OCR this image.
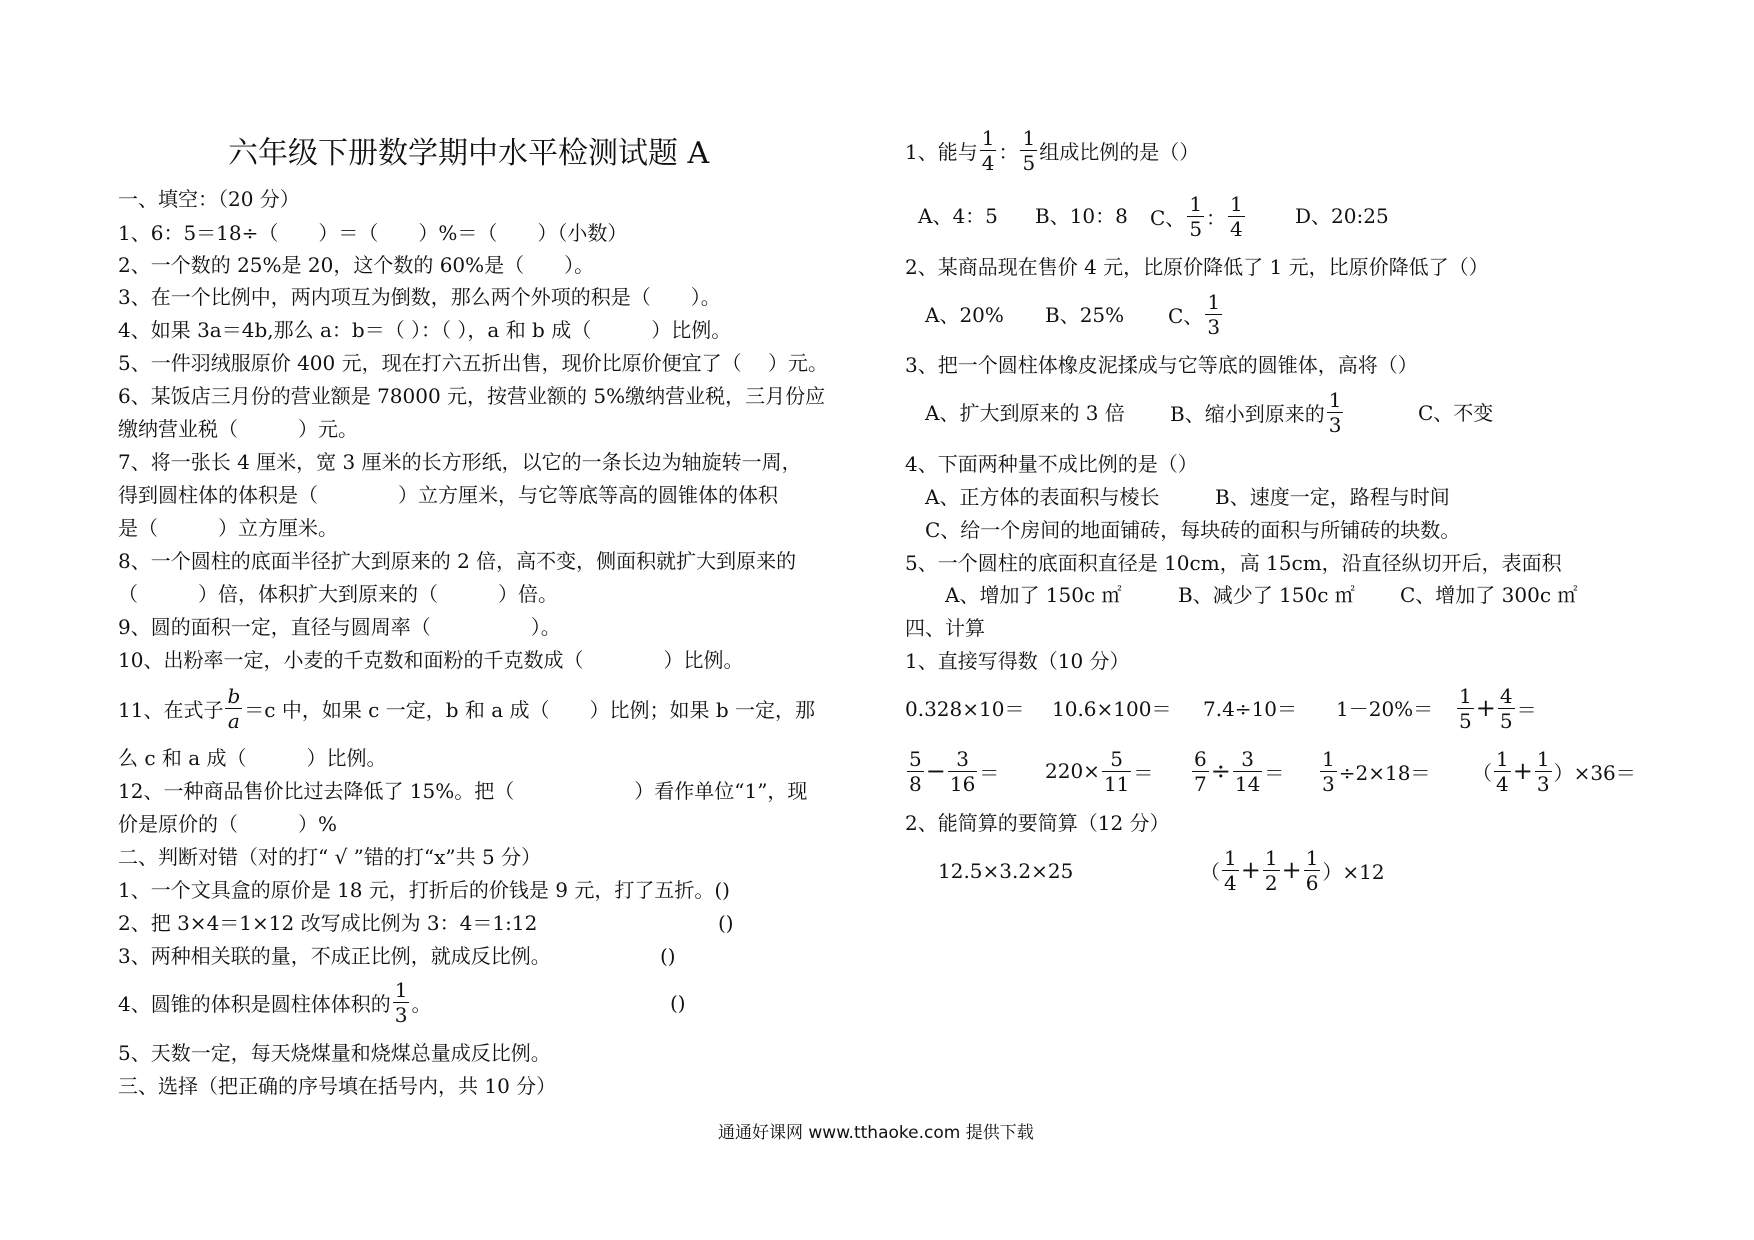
六年级下册数学期中水平检测试题 A
一、填空：（20 分）
1、6：5＝18÷（　　）＝（　　）%＝（　　）（小数）
2、一个数的 25%是 20，这个数的 60%是（　　）。
3、在一个比例中，两内项互为倒数，那么两个外项的积是（　　）。
4、如果 3a＝4b,那么 a：b＝（ ）：（ ），a 和 b 成（　　　）比例。
5、一件羽绒服原价 400 元，现在打六五折出售，现价比原价便宜了（　 ）元。
6、某饭店三月份的营业额是 78000 元，按营业额的 5%缴纳营业税，三月份应
缴纳营业税（　　　）元。
7、将一张长 4 厘米，宽 3 厘米的长方形纸，以它的一条长边为轴旋转一周，
得到圆柱体的体积是（　　　　）立方厘米，与它等底等高的圆锥体的体积
是（　　　）立方厘米。
8、一个圆柱的底面半径扩大到原来的 2 倍，高不变，侧面积就扩大到原来的
（　　　）倍，体积扩大到原来的（　　　）倍。
9、圆的面积一定，直径与圆周率（　　　　　）。
10、出粉率一定，小麦的千克数和面粉的千克数成（　　　　）比例。
11、在式子 $\frac{b}{a} =c$ 中，如果 c 一定，b 和 a 成（　　）比例；如果 b 一定，那
么 c 和 a 成（　　　）比例。
12、一种商品售价比过去降低了 15%。把（　　　　　　）看作单位“1”，现
价是原价的（　　　）%
二、判断对错（对的打“ √ ”错的打“x”共 5 分）
1、一个文具盒的原价是 18 元，打折后的价钱是 9 元，打了五折。()
2、把 3×4＝1×12 改写成比例为 3：4＝1:12	()
3、两种相关联的量，不成正比例，就成反比例。	()
4、圆锥的体积是圆柱体体积的 $\frac{1}{3}$ 。	()
5、天数一定，每天烧煤量和烧煤总量成反比例。
三、选择（把正确的序号填在括号内，共 10 分）
1、能与 $\frac{1}{4}$ ： $\frac{1}{5}$ 组成比例的是（）
A、4：5 B、10：8 C、 $\frac{1}{5}$ ： $\frac{1}{4}$	D、20:25
2、某商品现在售价 4 元，比原价降低了 1 元，比原价降低了（）
A、20% B、25% C、 $\frac{1}{3}$
3、把一个圆柱体橡皮泥揉成与它等底的圆锥体，高将（）
A、扩大到原来的 3 倍 B、缩小到原来的 $\frac{1}{3}$	C、不变
4、下面两种量不成比例的是（）
A、正方体的表面积与棱长	B、速度一定，路程与时间
C、给一个房间的地面铺砖，每块砖的面积与所铺砖的块数。
5、一个圆柱的底面积直径是 10cm，高 15cm，沿直径纵切开后，表面积
A、增加了 150c ㎡	B、减少了 150c ㎡ C、增加了 300c ㎡
四、计算
1、直接写得数（10 分）
$0.328\times 10= 10.6\times 100= 7.4\div 10= 1-20\%= \frac{1}{5} + \frac{4}{5}$ ＝
$\frac{5}{8} - \frac{3}{16} = 220\times \frac{5}{11} = \frac{6}{7} \div \frac{3}{14} = \frac{1}{3} \div 2\times 18=$ （ $\frac{1}{4} + \frac{1}{3} )\times 36=$
2、能简算的要简算（12 分）
12.5×3.2×25	（ $\frac{1}{4} + \frac{1}{2} + \frac{1}{6} )\times 12$
通通好课网 www.tthaoke.com 提供下载
